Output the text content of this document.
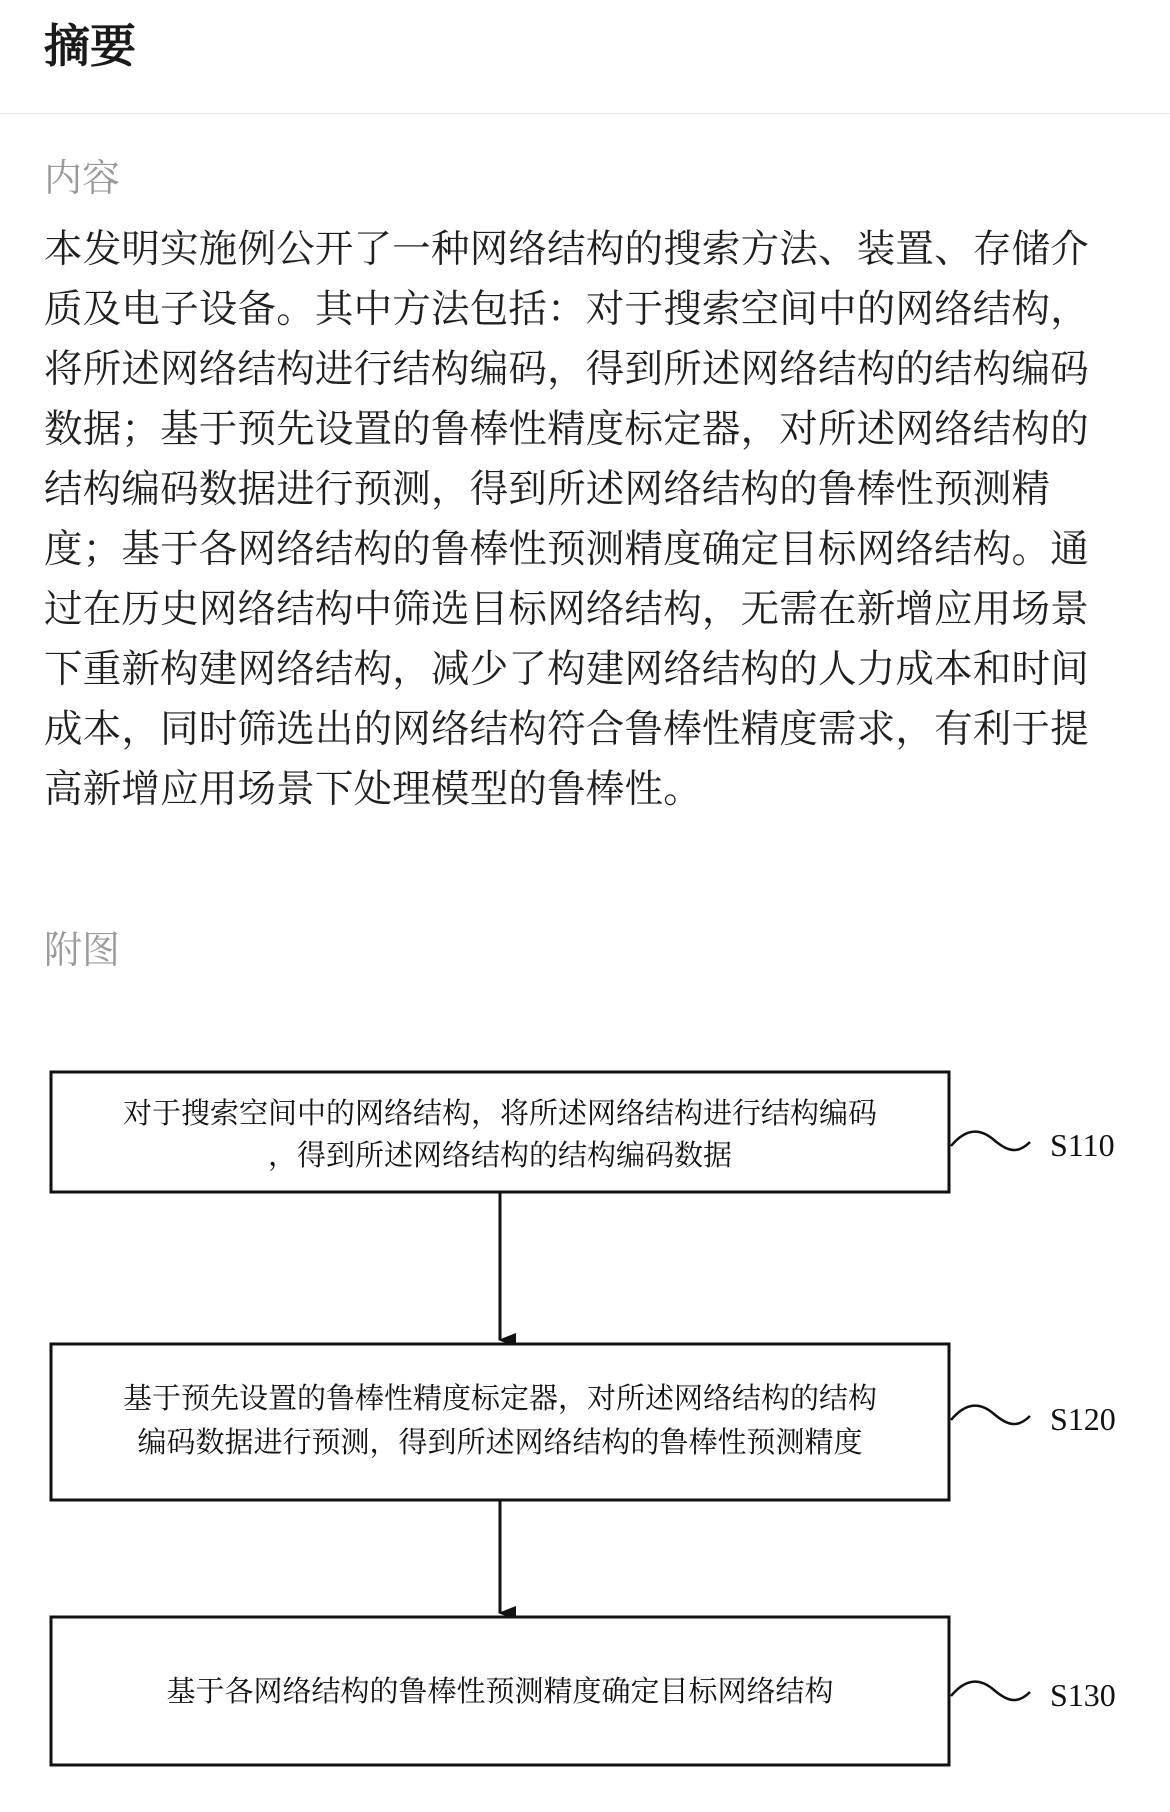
摘要
内容
本发明实施例公开了一种网络结构的搜索方法、装置、存储介质及电子设备。其中方法包括：对于搜索空间中的网络结构，将所述网络结构进行结构编码，得到所述网络结构的结构编码数据；基于预先设置的鲁棒性精度标定器，对所述网络结构的结构编码数据进行预测，得到所述网络结构的鲁棒性预测精度；基于各网络结构的鲁棒性预测精度确定目标网络结构。通过在历史网络结构中筛选目标网络结构，无需在新增应用场景下重新构建网络结构，减少了构建网络结构的人力成本和时间成本，同时筛选出的网络结构符合鲁棒性精度需求，有利于提高新增应用场景下处理模型的鲁棒性。
附图
对于搜索空间中的网络结构，将所述网络结构进行结构编码
，得到所述网络结构的结构编码数据	S110
基于预先设置的鲁棒性精度标定器，对所述网络结构的结构
编码数据进行预测，得到所述网络结构的鲁棒性预测精度
S120
基于各网络结构的鲁棒性预测精度确定目标网络结构	S130
